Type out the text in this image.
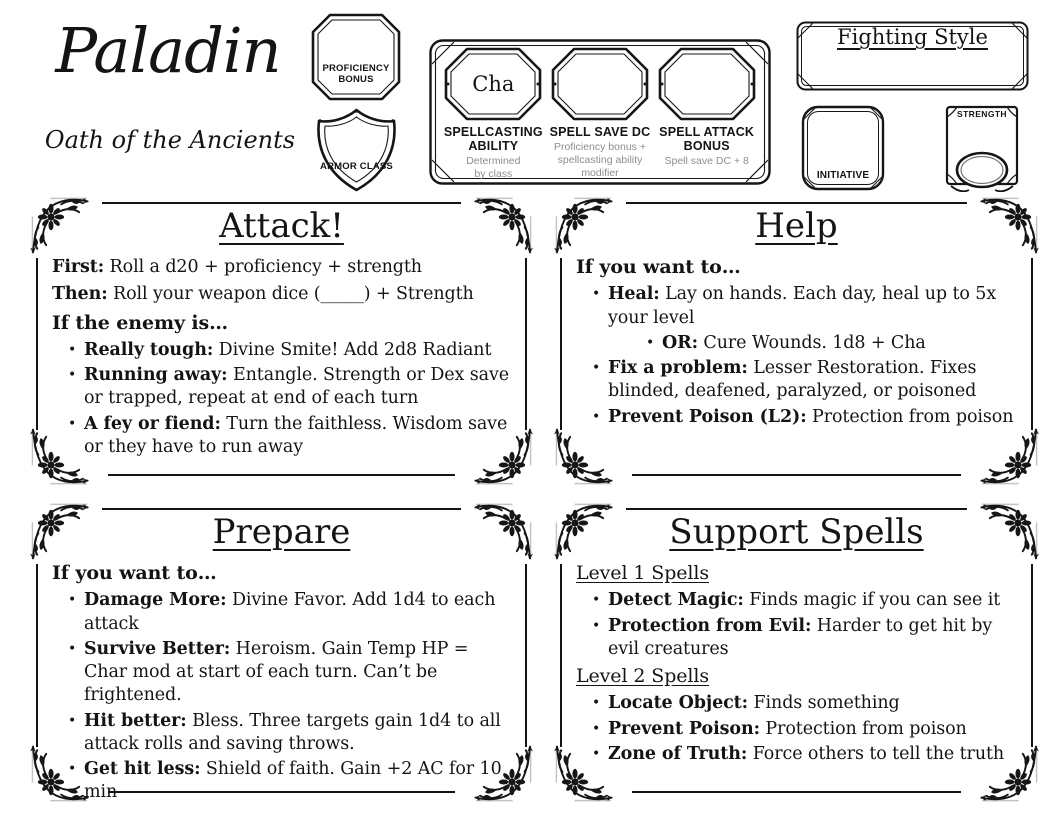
Paladin
Oath of the Ancients
PROFICIENCY BONUS
ARMOR CLASS
Cha
SPELLCASTING ABILITY
Determined by class
SPELL SAVE DC
Proficiency bonus + spellcasting ability modifier
SPELL ATTACK BONUS
Spell save DC + 8
Fighting Style
INITIATIVE
STRENGTH
Attack!
First: Roll a d20 + proficiency + strength
Then: Roll your weapon dice (_____) + Strength
If the enemy is…
• Really tough: Divine Smite! Add 2d8 Radiant
• Running away: Entangle. Strength or Dex save or trapped, repeat at end of each turn
• A fey or fiend: Turn the faithless. Wisdom save or they have to run away
Help
If you want to…
• Heal: Lay on hands. Each day, heal up to 5x your level
• OR: Cure Wounds. 1d8 + Cha
• Fix a problem: Lesser Restoration. Fixes blinded, deafened, paralyzed, or poisoned
• Prevent Poison (L2): Protection from poison
Prepare
If you want to…
• Damage More: Divine Favor. Add 1d4 to each attack
• Survive Better: Heroism. Gain Temp HP = Char mod at start of each turn. Can’t be frightened.
• Hit better: Bless. Three targets gain 1d4 to all attack rolls and saving throws.
• Get hit less: Shield of faith. Gain +2 AC for 10 min
Support Spells
Level 1 Spells
• Detect Magic: Finds magic if you can see it
• Protection from Evil: Harder to get hit by evil creatures
Level 2 Spells
• Locate Object: Finds something
• Prevent Poison: Protection from poison
• Zone of Truth: Force others to tell the truth
